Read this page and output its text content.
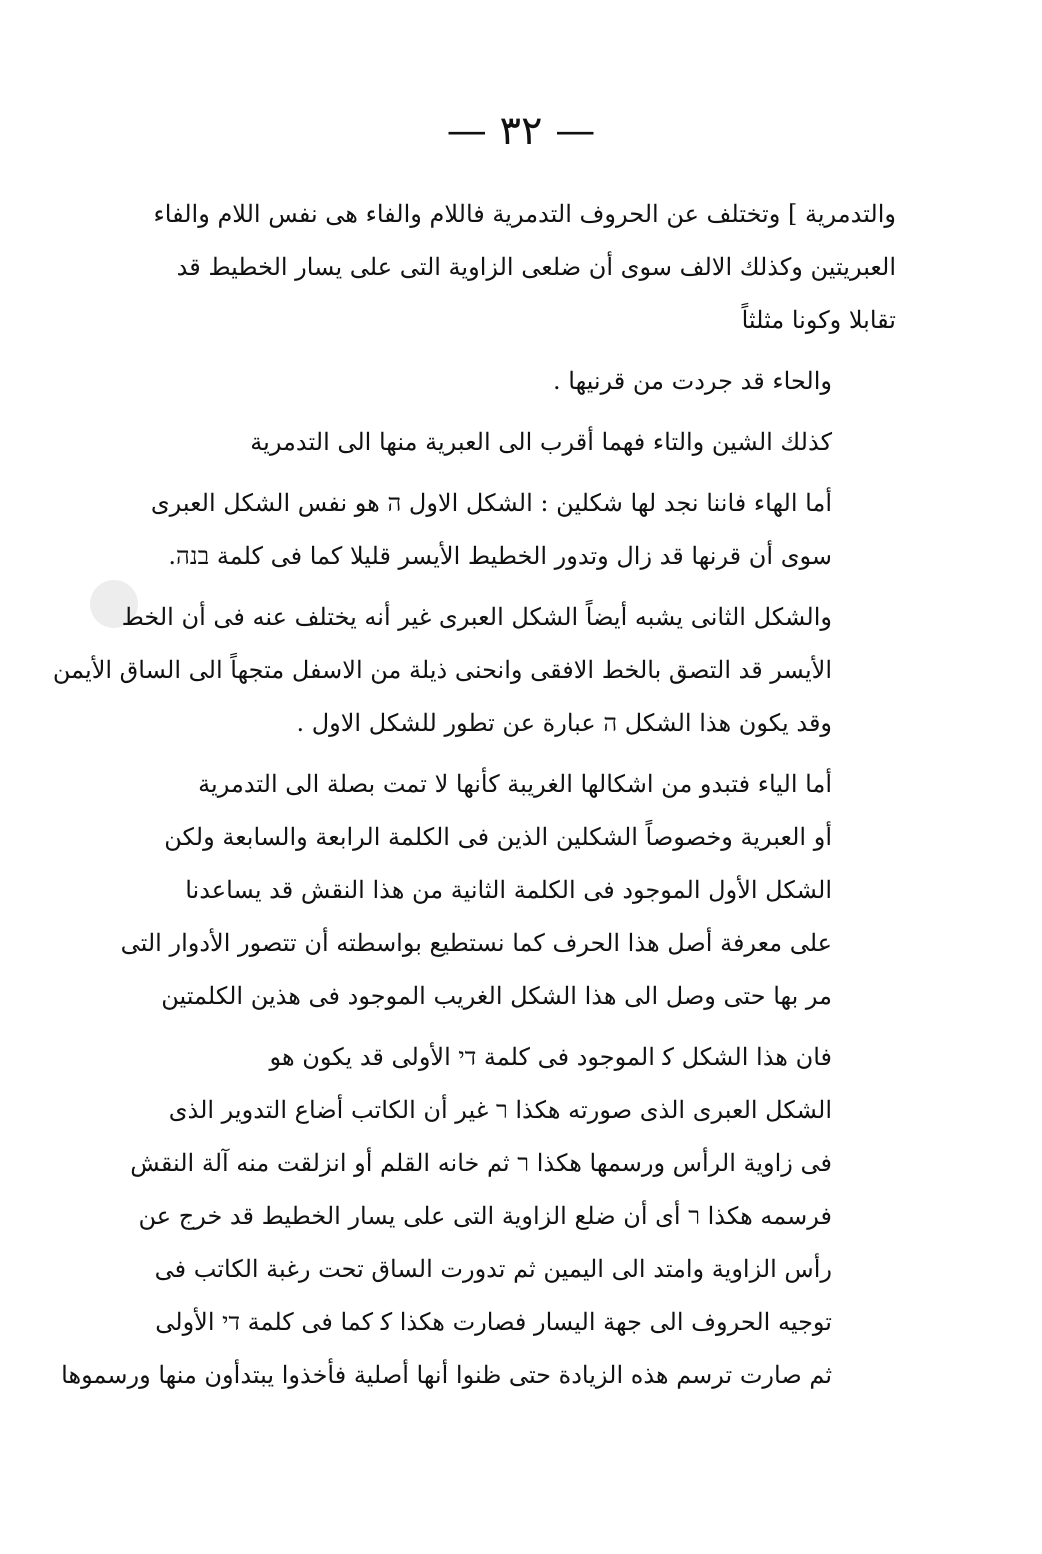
— ٣٢ —

والتدمرية ] وتختلف عن الحروف التدمرية فاللام والفاء هى نفس اللام والفاء
العبريتين وكذلك الالف سوى أن ضلعى الزاوية التى على يسار الخطيط قد
تقابلا وكونا مثلثاً

والحاء قد جردت من قرنيها .

كذلك الشين والتاء فهما أقرب الى العبرية منها الى التدمرية

أما الهاء فاننا نجد لها شكلين : الشكل الاول ה هو نفس الشكل العبرى
سوى أن قرنها قد زال وتدور الخطيط الأيسر قليلا كما فى كلمة בנה.

والشكل الثانى يشبه أيضاً الشكل العبرى غير أنه يختلف عنه فى أن الخط
الأيسر قد التصق بالخط الافقى وانحنى ذيلة من الاسفل متجهاً الى الساق الأيمن
وقد يكون هذا الشكل ה عبارة عن تطور للشكل الاول .

أما الياء فتبدو من اشكالها الغريبة كأنها لا تمت بصلة الى التدمرية
أو العبرية وخصوصاً الشكلين الذين فى الكلمة الرابعة والسابعة ولكن
الشكل الأول الموجود فى الكلمة الثانية من هذا النقش قد يساعدنا
على معرفة أصل هذا الحرف كما نستطيع بواسطته أن تتصور الأدوار التى
مر بها حتى وصل الى هذا الشكل الغريب الموجود فى هذين الكلمتين

فان هذا الشكل ﻛ الموجود فى كلمة די الأولى قد يكون هو
الشكل العبرى الذى صورته هكذا ר غير أن الكاتب أضاع التدوير الذى
فى زاوية الرأس ورسمها هكذا ר ثم خانه القلم أو انزلقت منه آلة النقش
فرسمه هكذا ר أى أن ضلع الزاوية التى على يسار الخطيط قد خرج عن
رأس الزاوية وامتد الى اليمين ثم تدورت الساق تحت رغبة الكاتب فى
توجيه الحروف الى جهة اليسار فصارت هكذا ﻛ كما فى كلمة די الأولى
ثم صارت ترسم هذه الزيادة حتى ظنوا أنها أصلية فأخذوا يبتدأون منها ورسموها
